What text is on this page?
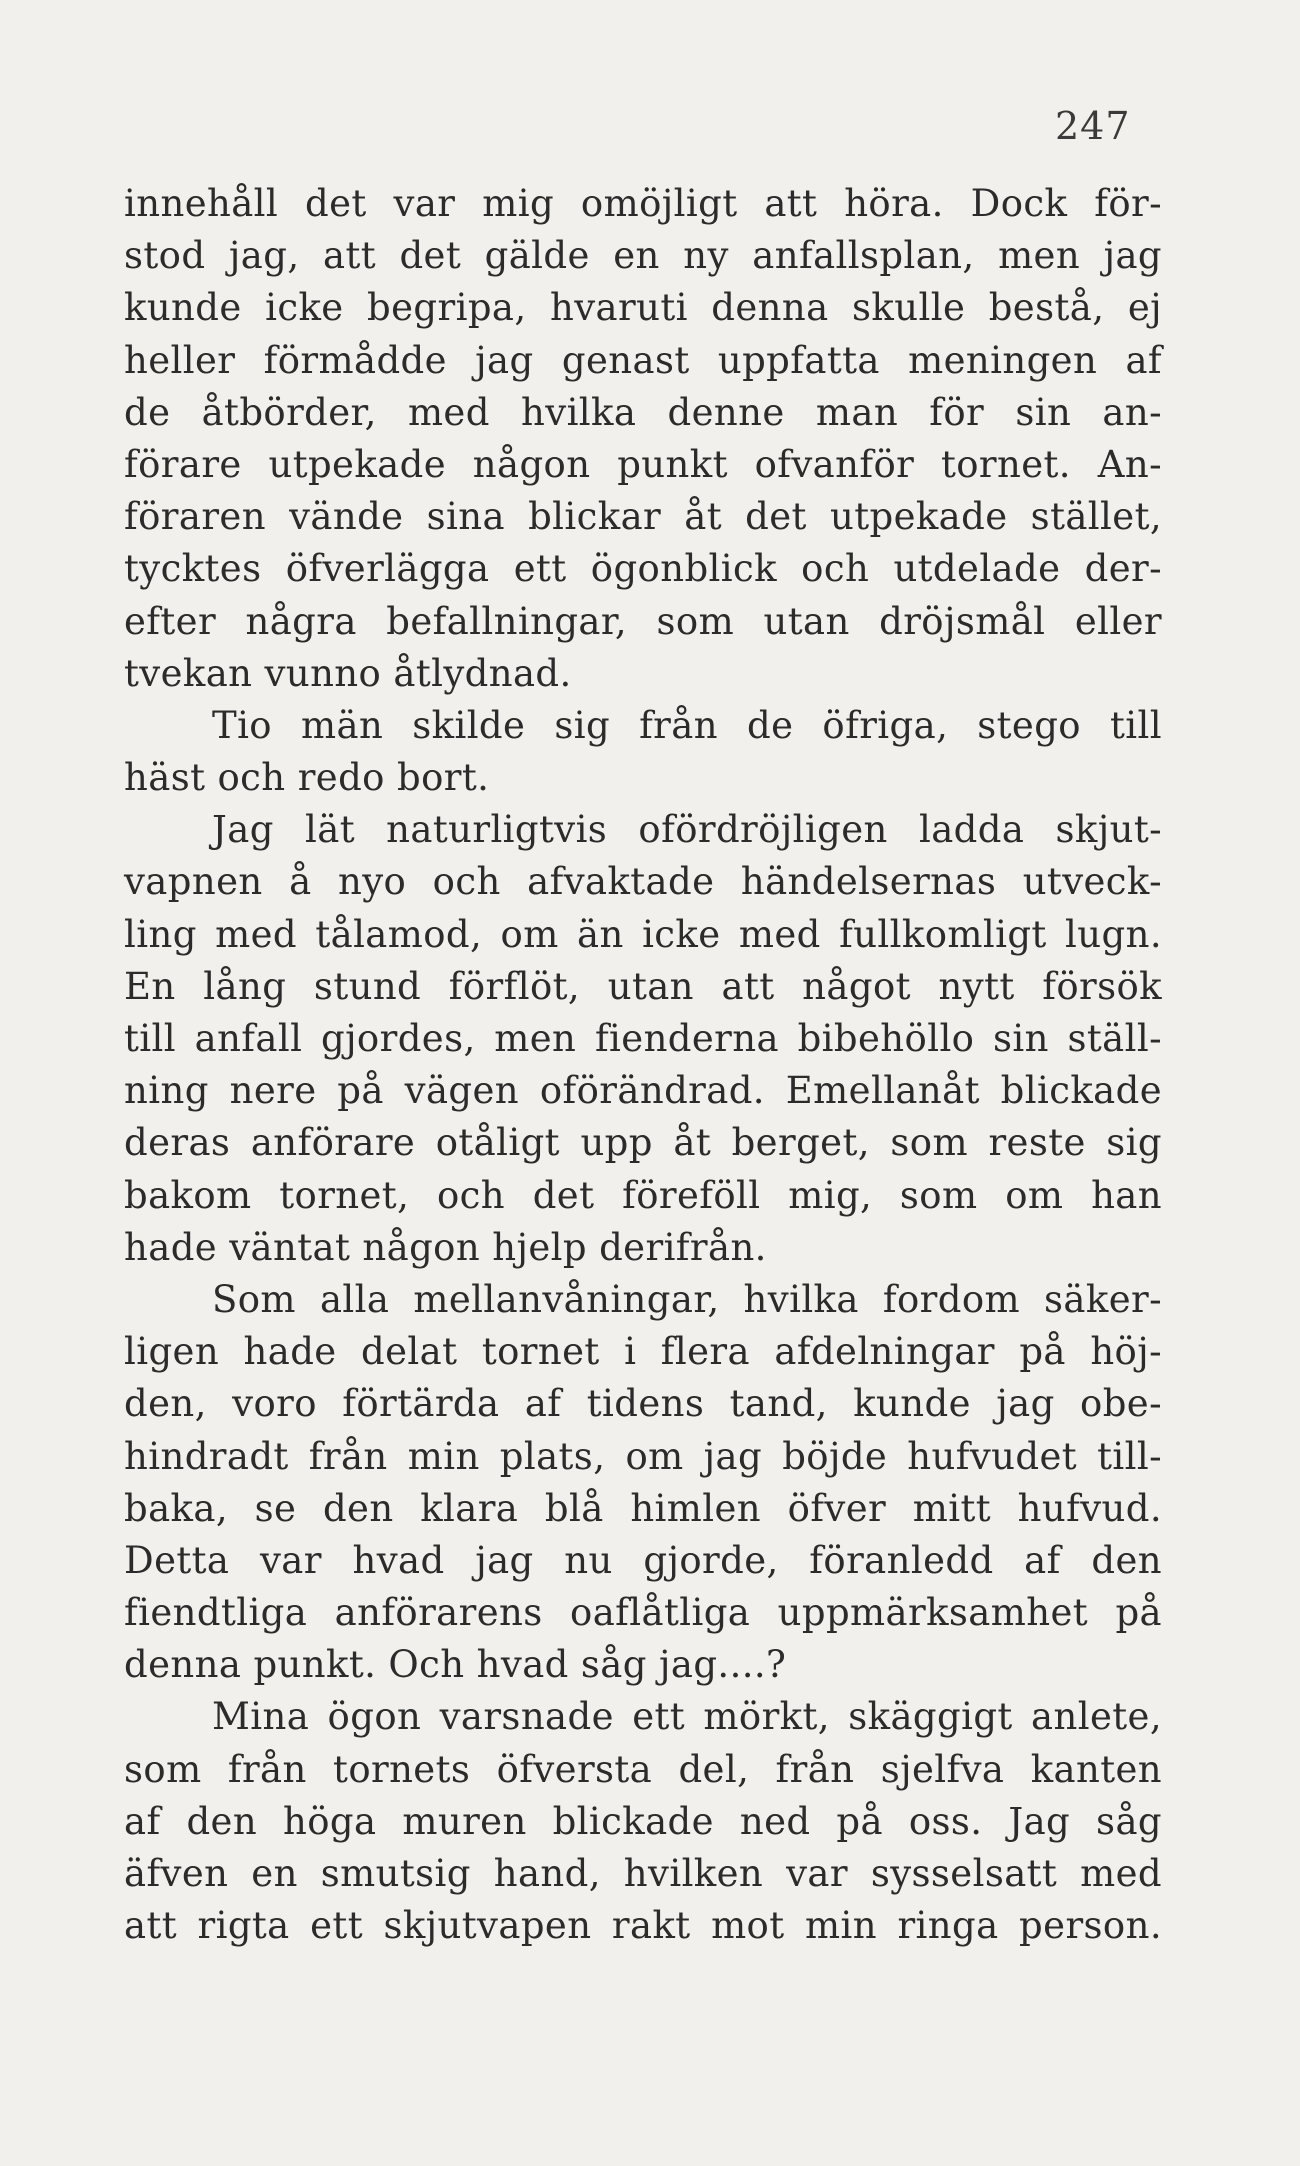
247
innehåll det var mig omöjligt att höra. Dock för-
stod jag, att det gälde en ny anfallsplan, men jag
kunde icke begripa, hvaruti denna skulle bestå, ej
heller förmådde jag genast uppfatta meningen af
de åtbörder, med hvilka denne man för sin an-
förare utpekade någon punkt ofvanför tornet. An-
föraren vände sina blickar åt det utpekade stället,
tycktes öfverlägga ett ögonblick och utdelade der-
efter några befallningar, som utan dröjsmål eller
tvekan vunno åtlydnad.
Tio män skilde sig från de öfriga, stego till
häst och redo bort.
Jag lät naturligtvis ofördröjligen ladda skjut-
vapnen å nyo och afvaktade händelsernas utveck-
ling med tålamod, om än icke med fullkomligt lugn.
En lång stund förflöt, utan att något nytt försök
till anfall gjordes, men fienderna bibehöllo sin ställ-
ning nere på vägen oförändrad. Emellanåt blickade
deras anförare otåligt upp åt berget, som reste sig
bakom tornet, och det föreföll mig, som om han
hade väntat någon hjelp derifrån.
Som alla mellanvåningar, hvilka fordom säker-
ligen hade delat tornet i flera afdelningar på höj-
den, voro förtärda af tidens tand, kunde jag obe-
hindradt från min plats, om jag böjde hufvudet till-
baka, se den klara blå himlen öfver mitt hufvud.
Detta var hvad jag nu gjorde, föranledd af den
fiendtliga anförarens oaflåtliga uppmärksamhet på
denna punkt. Och hvad såg jag....?
Mina ögon varsnade ett mörkt, skäggigt anlete,
som från tornets öfversta del, från sjelfva kanten
af den höga muren blickade ned på oss. Jag såg
äfven en smutsig hand, hvilken var sysselsatt med
att rigta ett skjutvapen rakt mot min ringa person.
